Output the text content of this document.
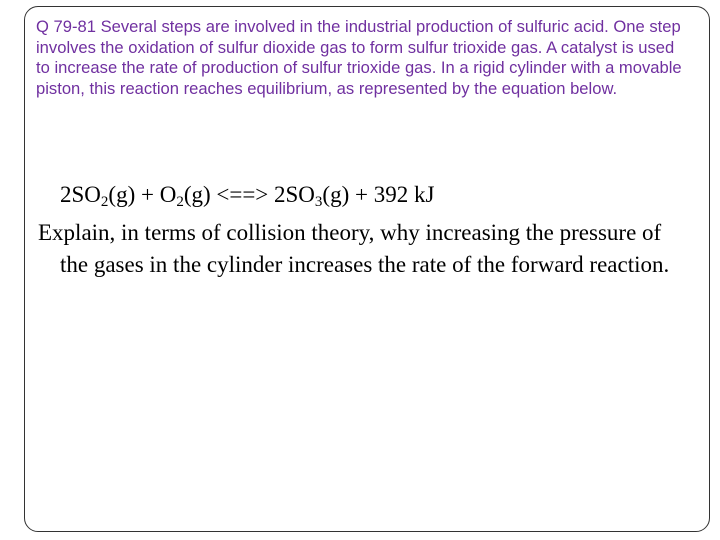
Q 79-81 Several steps are involved in the industrial production of sulfuric acid. One step involves the oxidation of sulfur dioxide gas to form sulfur trioxide gas. A catalyst is used to increase the rate of production of sulfur trioxide gas. In a rigid cylinder with a movable piston, this reaction reaches equilibrium, as represented by the equation below.

$2SO_2(g) + O_2(g)$ <==> $2SO_3(g) + 392$ kJ

Explain, in terms of collision theory, why increasing the pressure of the gases in the cylinder increases the rate of the forward reaction.
